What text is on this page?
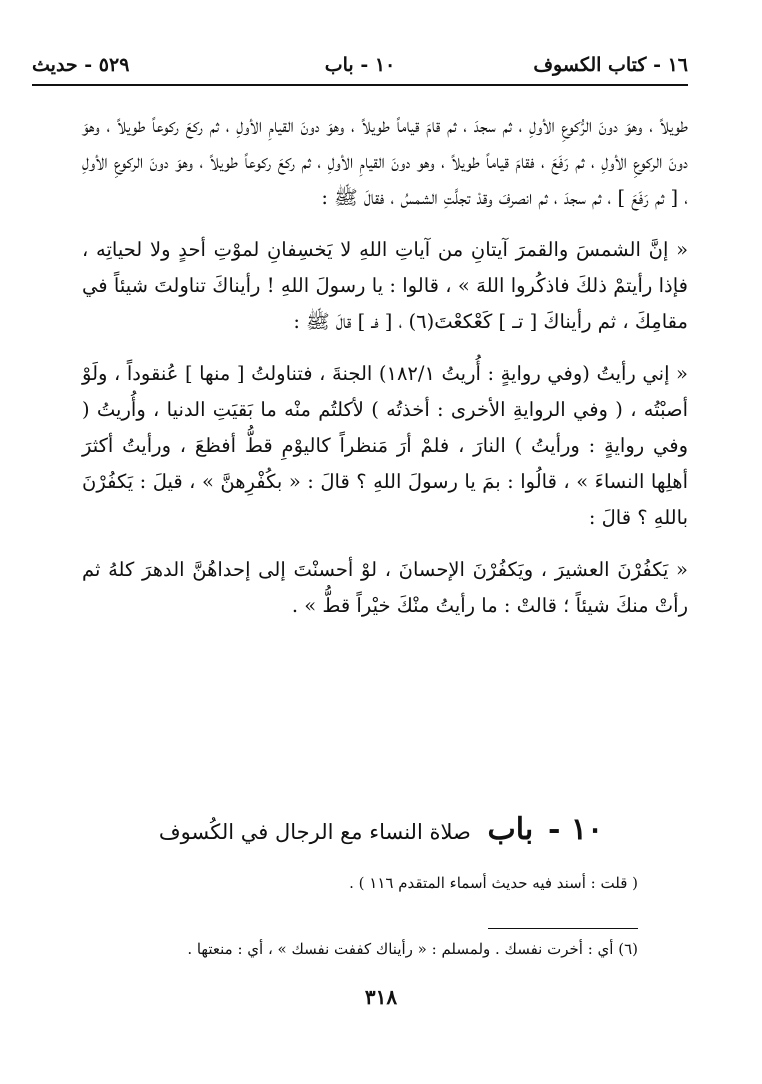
١٦ - كتاب الكسوف
١٠ - باب
٥٢٩ - حديث

طويلاً ، وهوَ دونَ الرُّكوعِ الأولِ ، ثم سجدَ ، ثم قامَ قياماً طويلاً ، وهوَ دونَ القيامِ الأولِ ، ثم ركعَ ركوعاً طويلاً ، وهوَ دونَ الركوعِ الأولِ ، ثم رَفَعَ ، فقامَ قياماً طويلاً ، وهو دونَ القيامِ الأولِ ، ثم ركعَ ركوعاً طويلاً ، وهوَ دونَ الركوعِ الأولِ ، [ ثم رَفَعَ ] ، ثم سجدَ ، ثم انصرفَ وقدْ تجلَّتِ الشمسُ ، فقالَ ﷺ :

« إنَّ الشمسَ والقمرَ آيتانِ من آياتِ اللهِ لا يَخسِفانِ لموْتِ أحدٍ ولا لحياتِه ، فإذا رأيتمْ ذلكَ فاذكُروا اللهَ » ، قالوا : يا رسولَ اللهِ ! رأيناكَ تناولتَ شيئاً في مقامِكَ ، ثم رأيناكَ [ تـ ] كَعْكعْتَ(٦) ، [ فـ ] قالَ ﷺ :

« إني رأيتُ (وفي روايةٍ : أُريتُ ١٨٢/١) الجنةَ ، فتناولتُ [ منها ] عُنقوداً ، ولَوْ أصبْتُه ، ( وفي الروايةِ الأخرى : أخذتُه ) لأكلتُم منْه ما بَقيَتِ الدنيا ، وأُريتُ ( وفي روايةٍ : ورأيتُ ) النارَ ، فلمْ أرَ مَنظراً كاليوْمِ قطُّ أفظعَ ، ورأيتُ أكثرَ أهلِها النساءَ » ، قالُوا : بمَ يا رسولَ اللهِ ؟ قالَ : « بكُفْرِهنَّ » ، قيلَ : يَكفُرْنَ باللهِ ؟ قالَ :

« يَكفُرْنَ العشيرَ ، ويَكفُرْنَ الإحسانَ ، لوْ أحسنْتَ إلى إحداهُنَّ الدهرَ كلهُ ثم رأتْ منكَ شيئاً ؛ قالتْ : ما رأيتُ منْكَ خيْراً قطُّ » .

١٠ - باب صلاة النساء مع الرجال في الكُسوف
( قلت : أسند فيه حديث أسماء المتقدم ١١٦ ) .
(٦) أي : أخرت نفسك . ولمسلم : « رأيناك كففت نفسك » ، أي : منعتها .
٣١٨
